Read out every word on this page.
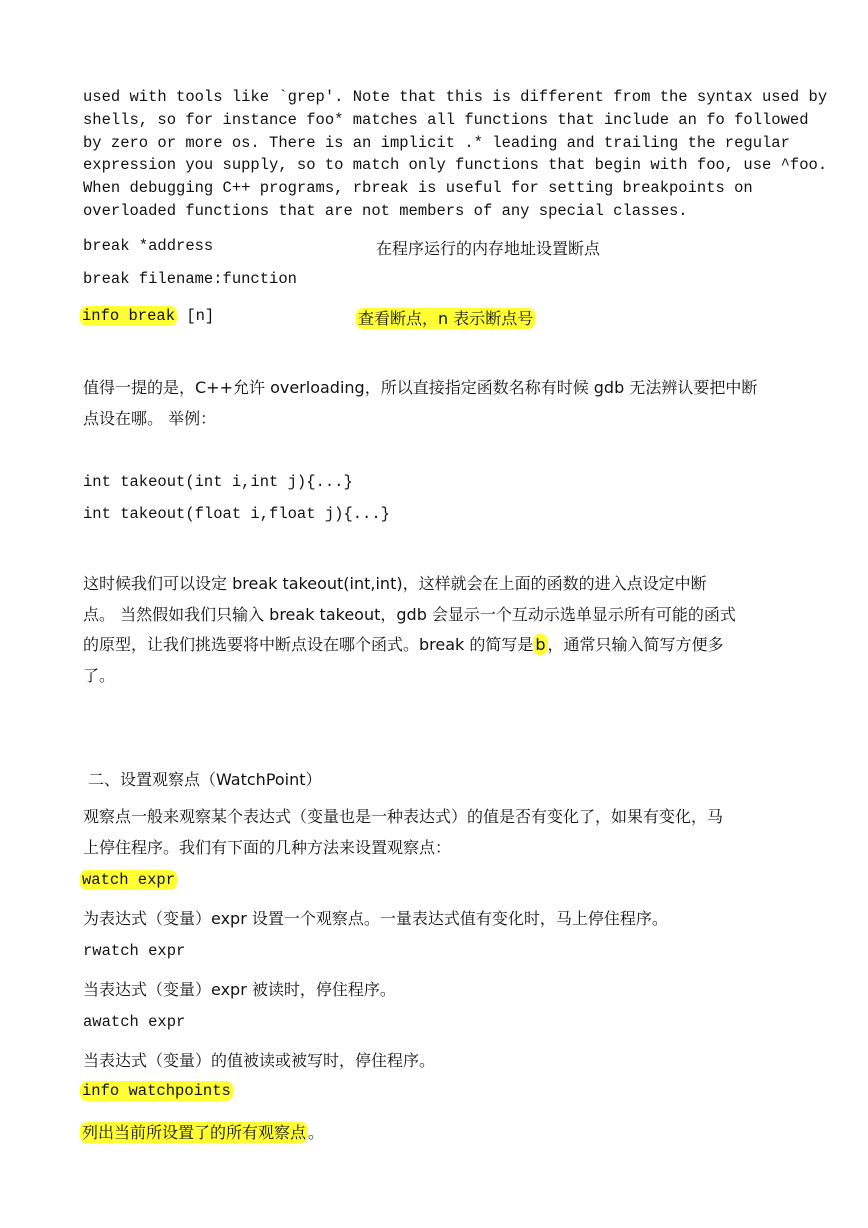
used with tools like `grep'. Note that this is different from the syntax used by
shells, so for instance foo* matches all functions that include an fo followed
by zero or more os. There is an implicit .* leading and trailing the regular
expression you supply, so to match only functions that begin with foo, use ^foo.
When debugging C++ programs, rbreak is useful for setting breakpoints on
overloaded functions that are not members of any special classes.
break *address	在程序运行的内存地址设置断点
break filename:function
info break [n]	查看断点，n 表示断点号
值得一提的是，C++允许 overloading，所以直接指定函数名称有时候 gdb 无法辨认要把中断
点设在哪。 举例：
int takeout(int i,int j){...}
int takeout(float i,float j){...}
这时候我们可以设定 break takeout(int,int)，这样就会在上面的函数的进入点设定中断
点。 当然假如我们只输入 break takeout，gdb 会显示一个互动示选单显示所有可能的函式
的原型，让我们挑选要将中断点设在哪个函式。break 的简写是 b ，通常只输入简写方便多
了。
二、设置观察点（WatchPoint）
观察点一般来观察某个表达式（变量也是一种表达式）的值是否有变化了，如果有变化，马
上停住程序。我们有下面的几种方法来设置观察点：
watch expr
为表达式（变量）expr 设置一个观察点。一量表达式值有变化时，马上停住程序。
rwatch expr
当表达式（变量）expr 被读时，停住程序。
awatch expr
当表达式（变量）的值被读或被写时，停住程序。
info watchpoints
列出当前所设置了的所有观察点 。
